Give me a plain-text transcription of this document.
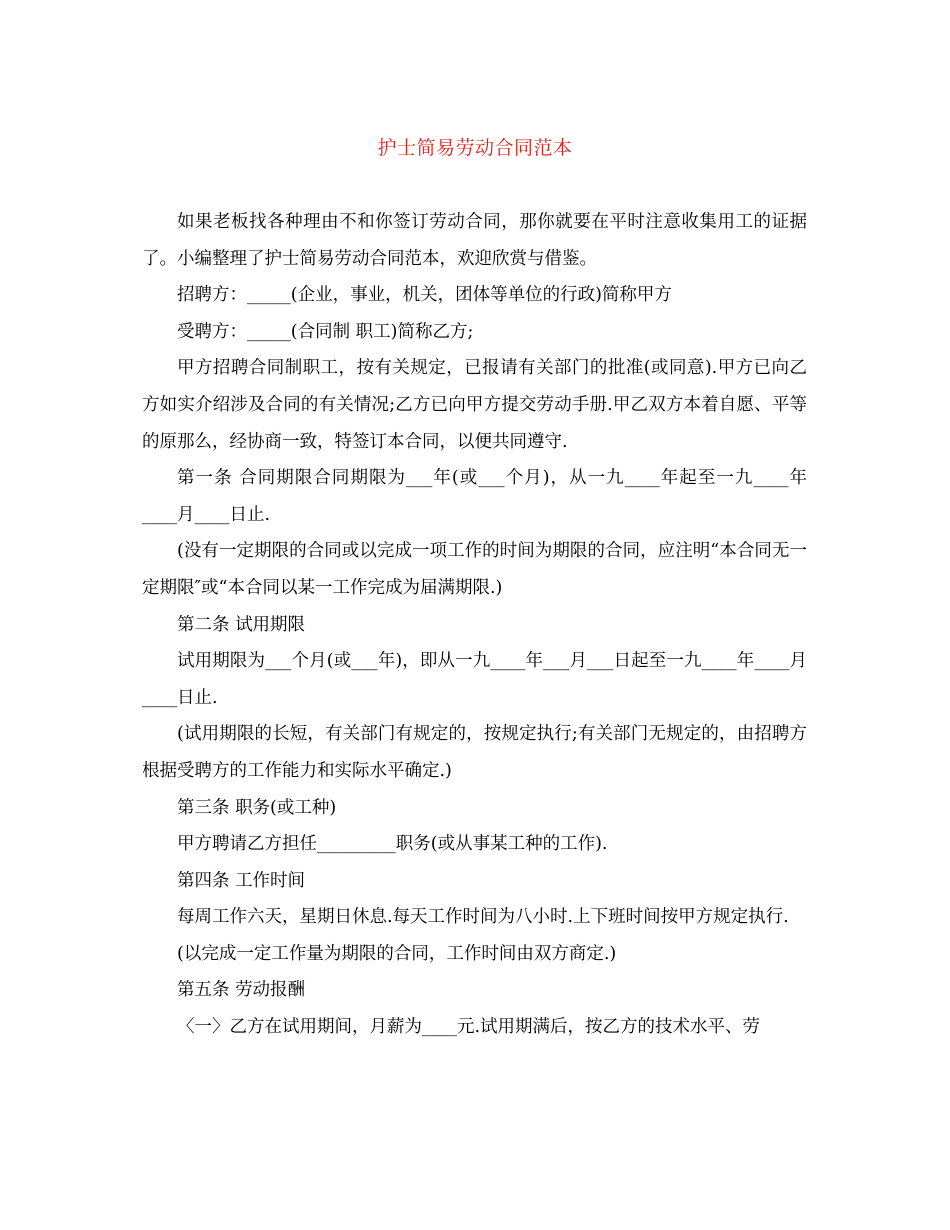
护士简易劳动合同范本

如果老板找各种理由不和你签订劳动合同，那你就要在平时注意收集用工的证据了。小编整理了护士简易劳动合同范本，欢迎欣赏与借鉴。

招聘方：_____(企业，事业，机关，团体等单位的行政)简称甲方

受聘方：_____(合同制 职工)简称乙方;

甲方招聘合同制职工，按有关规定，已报请有关部门的批准(或同意).甲方已向乙方如实介绍涉及合同的有关情况;乙方已向甲方提交劳动手册.甲乙双方本着自愿、平等的原那么，经协商一致，特签订本合同，以便共同遵守.

第一条 合同期限合同期限为___年(或___个月)，从一九____年起至一九____年____月____日止.

(没有一定期限的合同或以完成一项工作的时间为期限的合同，应注明“本合同无一定期限″或“本合同以某一工作完成为届满期限.)

第二条 试用期限

试用期限为___个月(或___年)，即从一九____年___月___日起至一九____年____月____日止.

(试用期限的长短，有关部门有规定的，按规定执行;有关部门无规定的，由招聘方根据受聘方的工作能力和实际水平确定.)

第三条 职务(或工种)

甲方聘请乙方担任_________职务(或从事某工种的工作).

第四条 工作时间

每周工作六天，星期日休息.每天工作时间为八小时.上下班时间按甲方规定执行.

(以完成一定工作量为期限的合同，工作时间由双方商定.)

第五条 劳动报酬

〈一〉乙方在试用期间，月薪为____元.试用期满后，按乙方的技术水平、劳
